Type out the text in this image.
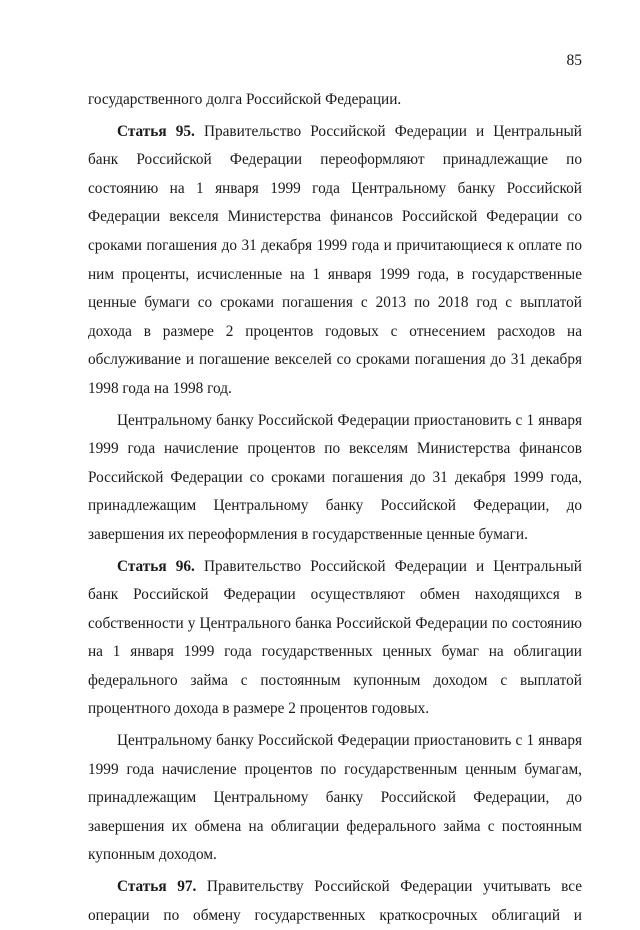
85

государственного долга Российской Федерации.

Статья 95. Правительство Российской Федерации и Центральный банк Российской Федерации переоформляют принадлежащие по состоянию на 1 января 1999 года Центральному банку Российской Федерации векселя Министерства финансов Российской Федерации со сроками погашения до 31 декабря 1999 года и причитающиеся к оплате по ним проценты, исчисленные на 1 января 1999 года, в государственные ценные бумаги со сроками погашения с 2013 по 2018 год с выплатой дохода в размере 2 процентов годовых с отнесением расходов на обслуживание и погашение векселей со сроками погашения до 31 декабря 1998 года на 1998 год.

Центральному банку Российской Федерации приостановить с 1 января 1999 года начисление процентов по векселям Министерства финансов Российской Федерации со сроками погашения до 31 декабря 1999 года, принадлежащим Центральному банку Российской Федерации, до завершения их переоформления в государственные ценные бумаги.

Статья 96. Правительство Российской Федерации и Центральный банк Российской Федерации осуществляют обмен находящихся в собственности у Центрального банка Российской Федерации по состоянию на 1 января 1999 года государственных ценных бумаг на облигации федерального займа с постоянным купонным доходом с выплатой процентного дохода в размере 2 процентов годовых.

Центральному банку Российской Федерации приостановить с 1 января 1999 года начисление процентов по государственным ценным бумагам, принадлежащим Центральному банку Российской Федерации, до завершения их обмена на облигации федерального займа с постоянным купонным доходом.

Статья 97. Правительству Российской Федерации учитывать все операции по обмену государственных краткосрочных облигаций и
